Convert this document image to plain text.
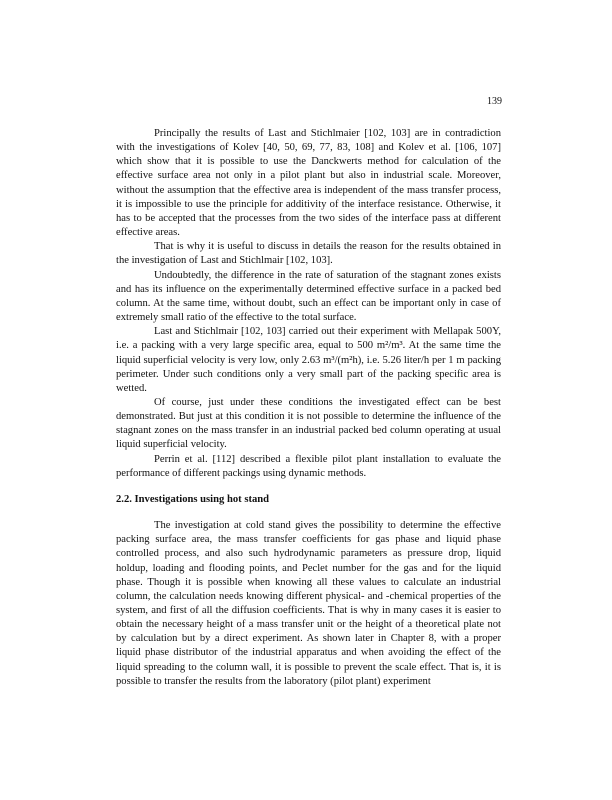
139

Principally the results of Last and Stichlmaier [102, 103] are in contradiction with the investigations of Kolev [40, 50, 69, 77, 83, 108] and Kolev et al. [106, 107] which show that it is possible to use the Danckwerts method for calculation of the effective surface area not only in a pilot plant but also in industrial scale. Moreover, without the assumption that the effective area is independent of the mass transfer process, it is impossible to use the principle for additivity of the interface resistance. Otherwise, it has to be accepted that the processes from the two sides of the interface pass at different effective areas.

That is why it is useful to discuss in details the reason for the results obtained in the investigation of Last and Stichlmair [102, 103].

Undoubtedly, the difference in the rate of saturation of the stagnant zones exists and has its influence on the experimentally determined effective surface in a packed bed column. At the same time, without doubt, such an effect can be important only in case of extremely small ratio of the effective to the total surface.

Last and Stichlmair [102, 103] carried out their experiment with Mellapak 500Y, i.e. a packing with a very large specific area, equal to 500 m²/m³. At the same time the liquid superficial velocity is very low, only 2.63 m³/(m²h), i.e. 5.26 liter/h per 1 m packing perimeter. Under such conditions only a very small part of the packing specific area is wetted.

Of course, just under these conditions the investigated effect can be best demonstrated. But just at this condition it is not possible to determine the influence of the stagnant zones on the mass transfer in an industrial packed bed column operating at usual liquid superficial velocity.

Perrin et al. [112] described a flexible pilot plant installation to evaluate the performance of different packings using dynamic methods.

2.2. Investigations using hot stand

The investigation at cold stand gives the possibility to determine the effective packing surface area, the mass transfer coefficients for gas phase and liquid phase controlled process, and also such hydrodynamic parameters as pressure drop, liquid holdup, loading and flooding points, and Peclet number for the gas and for the liquid phase. Though it is possible when knowing all these values to calculate an industrial column, the calculation needs knowing different physical- and -chemical properties of the system, and first of all the diffusion coefficients. That is why in many cases it is easier to obtain the necessary height of a mass transfer unit or the height of a theoretical plate not by calculation but by a direct experiment. As shown later in Chapter 8, with a proper liquid phase distributor of the industrial apparatus and when avoiding the effect of the liquid spreading to the column wall, it is possible to prevent the scale effect. That is, it is possible to transfer the results from the laboratory (pilot plant) experiment
